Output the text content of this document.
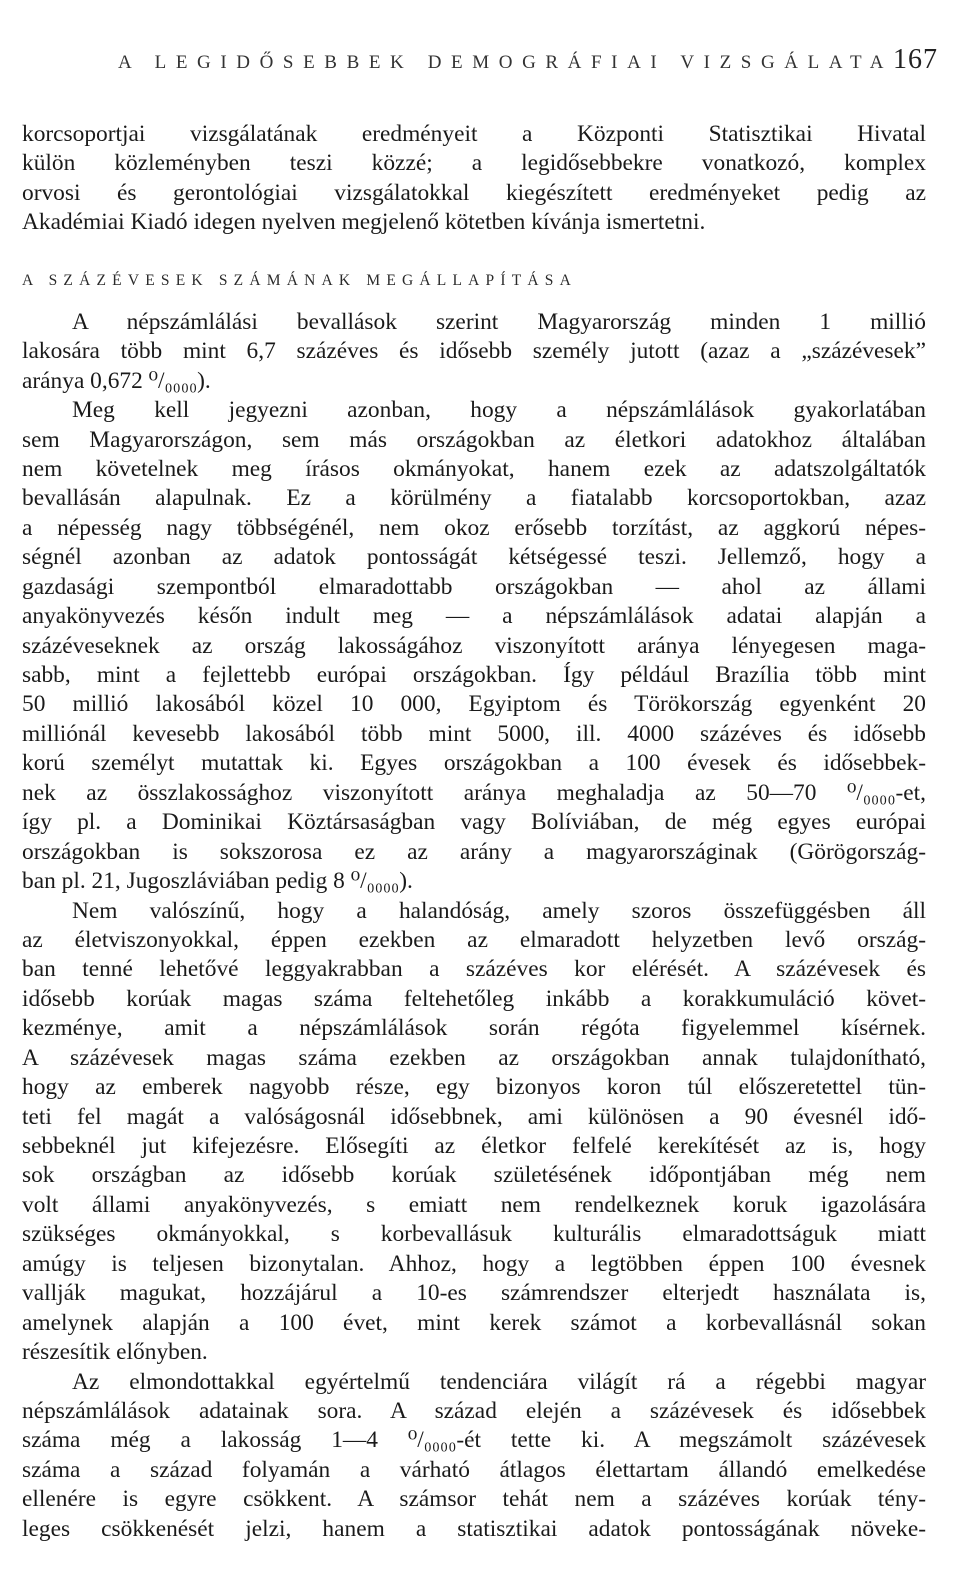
A LEGIDŐSEBBEK DEMOGRÁFIAI VIZSGÁLATA 167
korcsoportjai vizsgálatának eredményeit a Központi Statisztikai Hivatal
külön közleményben teszi közzé; a legidősebbekre vonatkozó, komplex
orvosi és gerontológiai vizsgálatokkal kiegészített eredményeket pedig az
Akadémiai Kiadó idegen nyelven megjelenő kötetben kívánja ismertetni.
A SZÁZÉVESEK SZÁMÁNAK MEGÁLLAPÍTÁSA
A népszámlálási bevallások szerint Magyarország minden 1 millió
lakosára több mint 6,7 százéves és idősebb személy jutott (azaz a „százévesek”
aránya 0,672 ⁰/₀₀₀₀).
Meg kell jegyezni azonban, hogy a népszámlálások gyakorlatában
sem Magyarországon, sem más országokban az életkori adatokhoz általában
nem követelnek meg írásos okmányokat, hanem ezek az adatszolgáltatók
bevallásán alapulnak. Ez a körülmény a fiatalabb korcsoportokban, azaz
a népesség nagy többségénél, nem okoz erősebb torzítást, az aggkorú népes-
ségnél azonban az adatok pontosságát kétségessé teszi. Jellemző, hogy a
gazdasági szempontból elmaradottabb országokban — ahol az állami
anyakönyvezés későn indult meg — a népszámlálások adatai alapján a
százéveseknek az ország lakosságához viszonyított aránya lényegesen maga-
sabb, mint a fejlettebb európai országokban. Így például Brazília több mint
50 millió lakosából közel 10 000, Egyiptom és Törökország egyenként 20
milliónál kevesebb lakosából több mint 5000, ill. 4000 százéves és idősebb
korú személyt mutattak ki. Egyes országokban a 100 évesek és idősebbek-
nek az összlakossághoz viszonyított aránya meghaladja az 50—70 ⁰/₀₀₀₀-et,
így pl. a Dominikai Köztársaságban vagy Bolíviában, de még egyes európai
országokban is sokszorosa ez az arány a magyarországinak (Görögország-
ban pl. 21, Jugoszláviában pedig 8 ⁰/₀₀₀₀).
Nem valószínű, hogy a halandóság, amely szoros összefüggésben áll
az életviszonyokkal, éppen ezekben az elmaradott helyzetben levő ország-
ban tenné lehetővé leggyakrabban a százéves kor elérését. A százévesek és
idősebb korúak magas száma feltehetőleg inkább a korakkumuláció követ-
kezménye, amit a népszámlálások során régóta figyelemmel kísérnek.
A százévesek magas száma ezekben az országokban annak tulajdonítható,
hogy az emberek nagyobb része, egy bizonyos koron túl előszeretettel tün-
teti fel magát a valóságosnál idősebbnek, ami különösen a 90 évesnél idő-
sebbeknél jut kifejezésre. Elősegíti az életkor felfelé kerekítését az is, hogy
sok országban az idősebb korúak születésének időpontjában még nem
volt állami anyakönyvezés, s emiatt nem rendelkeznek koruk igazolására
szükséges okmányokkal, s korbevallásuk kulturális elmaradottságuk miatt
amúgy is teljesen bizonytalan. Ahhoz, hogy a legtöbben éppen 100 évesnek
vallják magukat, hozzájárul a 10-es számrendszer elterjedt használata is,
amelynek alapján a 100 évet, mint kerek számot a korbevallásnál sokan
részesítik előnyben.
Az elmondottakkal egyértelmű tendenciára világít rá a régebbi magyar
népszámlálások adatainak sora. A század elején a százévesek és idősebbek
száma még a lakosság 1—4 ⁰/₀₀₀₀-ét tette ki. A megszámolt százévesek
száma a század folyamán a várható átlagos élettartam állandó emelkedése
ellenére is egyre csökkent. A számsor tehát nem a százéves korúak tény-
leges csökkenését jelzi, hanem a statisztikai adatok pontosságának növeke-
